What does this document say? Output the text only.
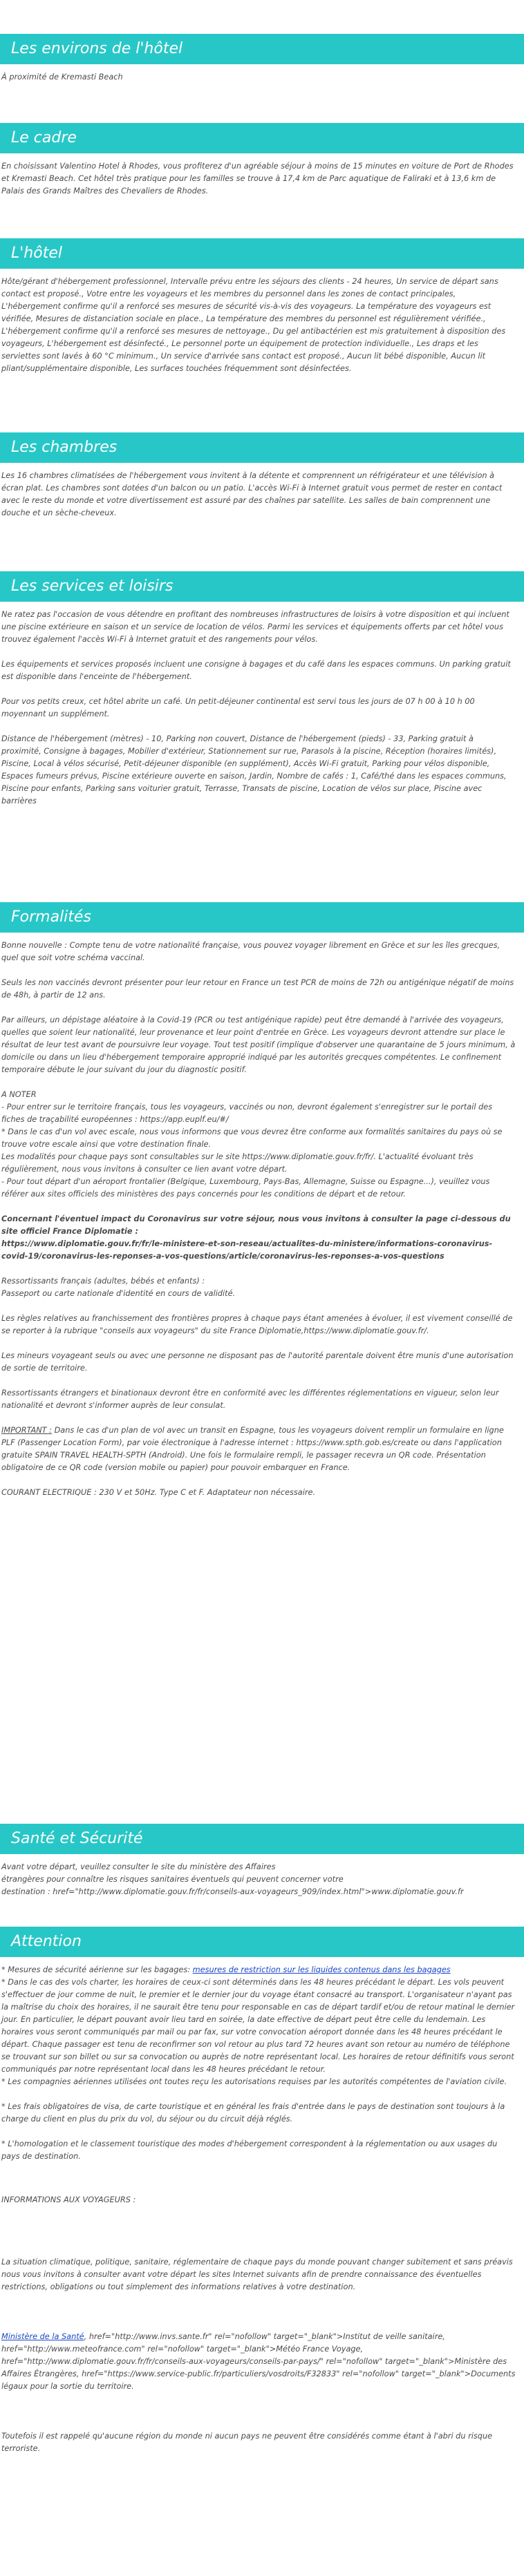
Les environs de l'hôtel

À proximité de Kremasti Beach

Le cadre

En choisissant Valentino Hotel à Rhodes, vous profiterez d'un agréable séjour à moins de 15 minutes en voiture de Port de Rhodes et Kremasti Beach. Cet hôtel très pratique pour les familles se trouve à 17,4 km de Parc aquatique de Faliraki et à 13,6 km de Palais des Grands Maîtres des Chevaliers de Rhodes.

L'hôtel

Hôte/gérant d'hébergement professionnel, Intervalle prévu entre les séjours des clients - 24 heures, Un service de départ sans contact est proposé., Votre entre les voyageurs et les membres du personnel dans les zones de contact principales, L'hébergement confirme qu'il a renforcé ses mesures de sécurité vis-à-vis des voyageurs. La température des voyageurs est vérifiée, Mesures de distanciation sociale en place., La température des membres du personnel est régulièrement vérifiée., L'hébergement confirme qu'il a renforcé ses mesures de nettoyage., Du gel antibactérien est mis gratuitement à disposition des voyageurs, L'hébergement est désinfecté., Le personnel porte un équipement de protection individuelle., Les draps et les serviettes sont lavés à 60 °C minimum., Un service d'arrivée sans contact est proposé., Aucun lit bébé disponible, Aucun lit pliant/supplémentaire disponible, Les surfaces touchées fréquemment sont désinfectées.

Les chambres

Les 16 chambres climatisées de l'hébergement vous invitent à la détente et comprennent un réfrigérateur et une télévision à écran plat. Les chambres sont dotées d'un balcon ou un patio. L'accès Wi-Fi à Internet gratuit vous permet de rester en contact avec le reste du monde et votre divertissement est assuré par des chaînes par satellite. Les salles de bain comprennent une douche et un sèche-cheveux.

Les services et loisirs

Ne ratez pas l'occasion de vous détendre en profitant des nombreuses infrastructures de loisirs à votre disposition et qui incluent une piscine extérieure en saison et un service de location de vélos. Parmi les services et équipements offerts par cet hôtel vous trouvez également l'accès Wi-Fi à Internet gratuit et des rangements pour vélos.

Les équipements et services proposés incluent une consigne à bagages et du café dans les espaces communs. Un parking gratuit est disponible dans l'enceinte de l'hébergement.

Pour vos petits creux, cet hôtel abrite un café. Un petit-déjeuner continental est servi tous les jours de 07 h 00 à 10 h 00 moyennant un supplément.

Distance de l'hébergement (mètres) - 10, Parking non couvert, Distance de l'hébergement (pieds) - 33, Parking gratuit à proximité, Consigne à bagages, Mobilier d'extérieur, Stationnement sur rue, Parasols à la piscine, Réception (horaires limités), Piscine, Local à vélos sécurisé, Petit-déjeuner disponible (en supplément), Accès Wi-Fi gratuit, Parking pour vélos disponible, Espaces fumeurs prévus, Piscine extérieure ouverte en saison, Jardin, Nombre de cafés : 1, Café/thé dans les espaces communs, Piscine pour enfants, Parking sans voiturier gratuit, Terrasse, Transats de piscine, Location de vélos sur place, Piscine avec barrières

Formalités

Bonne nouvelle : Compte tenu de votre nationalité française, vous pouvez voyager librement en Grèce et sur les îles grecques, quel que soit votre schéma vaccinal.

Seuls les non vaccinés devront présenter pour leur retour en France un test PCR de moins de 72h ou antigénique négatif de moins de 48h, à partir de 12 ans.

Par ailleurs, un dépistage aléatoire à la Covid-19 (PCR ou test antigénique rapide) peut être demandé à l'arrivée des voyageurs, quelles que soient leur nationalité, leur provenance et leur point d'entrée en Grèce. Les voyageurs devront attendre sur place le résultat de leur test avant de poursuivre leur voyage. Tout test positif (implique d'observer une quarantaine de 5 jours minimum, à domicile ou dans un lieu d'hébergement temporaire approprié indiqué par les autorités grecques compétentes. Le confinement temporaire débute le jour suivant du jour du diagnostic positif.

A NOTER
- Pour entrer sur le territoire français, tous les voyageurs, vaccinés ou non, devront également s'enregistrer sur le portail des fiches de traçabilité européennes : https://app.euplf.eu/#/
* Dans le cas d'un vol avec escale, nous vous informons que vous devrez être conforme aux formalités sanitaires du pays où se trouve votre escale ainsi que votre destination finale.
Les modalités pour chaque pays sont consultables sur le site https://www.diplomatie.gouv.fr/fr/. L'actualité évoluant très régulièrement, nous vous invitons à consulter ce lien avant votre départ.
- Pour tout départ d'un aéroport frontalier (Belgique, Luxembourg, Pays-Bas, Allemagne, Suisse ou Espagne...), veuillez vous référer aux sites officiels des ministères des pays concernés pour les conditions de départ et de retour.

Concernant l'éventuel impact du Coronavirus sur votre séjour, nous vous invitons à consulter la page ci-dessous du site officiel France Diplomatie :
https://www.diplomatie.gouv.fr/fr/le-ministere-et-son-reseau/actualites-du-ministere/informations-coronavirus-covid-19/coronavirus-les-reponses-a-vos-questions/article/coronavirus-les-reponses-a-vos-questions

Ressortissants français (adultes, bébés et enfants) :
Passeport ou carte nationale d'identité en cours de validité.

Les règles relatives au franchissement des frontières propres à chaque pays étant amenées à évoluer, il est vivement conseillé de se reporter à la rubrique "conseils aux voyageurs" du site France Diplomatie,https://www.diplomatie.gouv.fr/.

Les mineurs voyageant seuls ou avec une personne ne disposant pas de l'autorité parentale doivent être munis d'une autorisation de sortie de territoire.

Ressortissants étrangers et binationaux devront être en conformité avec les différentes réglementations en vigueur, selon leur nationalité et devront s'informer auprès de leur consulat.

IMPORTANT : Dans le cas d'un plan de vol avec un transit en Espagne, tous les voyageurs doivent remplir un formulaire en ligne PLF (Passenger Location Form), par voie électronique à l'adresse internet : https://www.spth.gob.es/create ou dans l'application gratuite SPAIN TRAVEL HEALTH-SPTH (Android). Une fois le formulaire rempli, le passager recevra un QR code. Présentation obligatoire de ce QR code (version mobile ou papier) pour pouvoir embarquer en France.

COURANT ELECTRIQUE : 230 V et 50Hz. Type C et F. Adaptateur non nécessaire.

Santé et Sécurité

Avant votre départ, veuillez consulter le site du ministère des Affaires
étrangères pour connaître les risques sanitaires éventuels qui peuvent concerner votre
destination : href="http://www.diplomatie.gouv.fr/fr/conseils-aux-voyageurs_909/index.html">www.diplomatie.gouv.fr

Attention

* Mesures de sécurité aérienne sur les bagages: mesures de restriction sur les liquides contenus dans les bagages
* Dans le cas des vols charter, les horaires de ceux-ci sont déterminés dans les 48 heures précédant le départ. Les vols peuvent s'effectuer de jour comme de nuit, le premier et le dernier jour du voyage étant consacré au transport. L'organisateur n'ayant pas la maîtrise du choix des horaires, il ne saurait être tenu pour responsable en cas de départ tardif et/ou de retour matinal le dernier jour. En particulier, le départ pouvant avoir lieu tard en soirée, la date effective de départ peut être celle du lendemain. Les horaires vous seront communiqués par mail ou par fax, sur votre convocation aéroport donnée dans les 48 heures précédant le départ. Chaque passager est tenu de reconfirmer son vol retour au plus tard 72 heures avant son retour au numéro de téléphone se trouvant sur son billet ou sur sa convocation ou auprès de notre représentant local. Les horaires de retour définitifs vous seront communiqués par notre représentant local dans les 48 heures précédant le retour.
* Les compagnies aériennes utilisées ont toutes reçu les autorisations requises par les autorités compétentes de l'aviation civile.

* Les frais obligatoires de visa, de carte touristique et en général les frais d'entrée dans le pays de destination sont toujours à la charge du client en plus du prix du vol, du séjour ou du circuit déjà réglés.

* L'homologation et le classement touristique des modes d'hébergement correspondent à la réglementation ou aux usages du pays de destination.

INFORMATIONS AUX VOYAGEURS :

La situation climatique, politique, sanitaire, réglementaire de chaque pays du monde pouvant changer subitement et sans préavis
nous vous invitons à consulter avant votre départ les sites Internet suivants afin de prendre connaissance des éventuelles restrictions, obligations ou tout simplement des informations relatives à votre destination.

Ministère de la Santé, href="http://www.invs.sante.fr" rel="nofollow" target="_blank">Institut de veille sanitaire, href="http://www.meteofrance.com" rel="nofollow" target="_blank">Météo France Voyage, href="http://www.diplomatie.gouv.fr/fr/conseils-aux-voyageurs/conseils-par-pays/" rel="nofollow" target="_blank">Ministère des Affaires Étrangères, href="https://www.service-public.fr/particuliers/vosdroits/F32833" rel="nofollow" target="_blank">Documents légaux pour la sortie du territoire.

Toutefois il est rappelé qu'aucune région du monde ni aucun pays ne peuvent être considérés comme étant à l'abri du risque terroriste.
